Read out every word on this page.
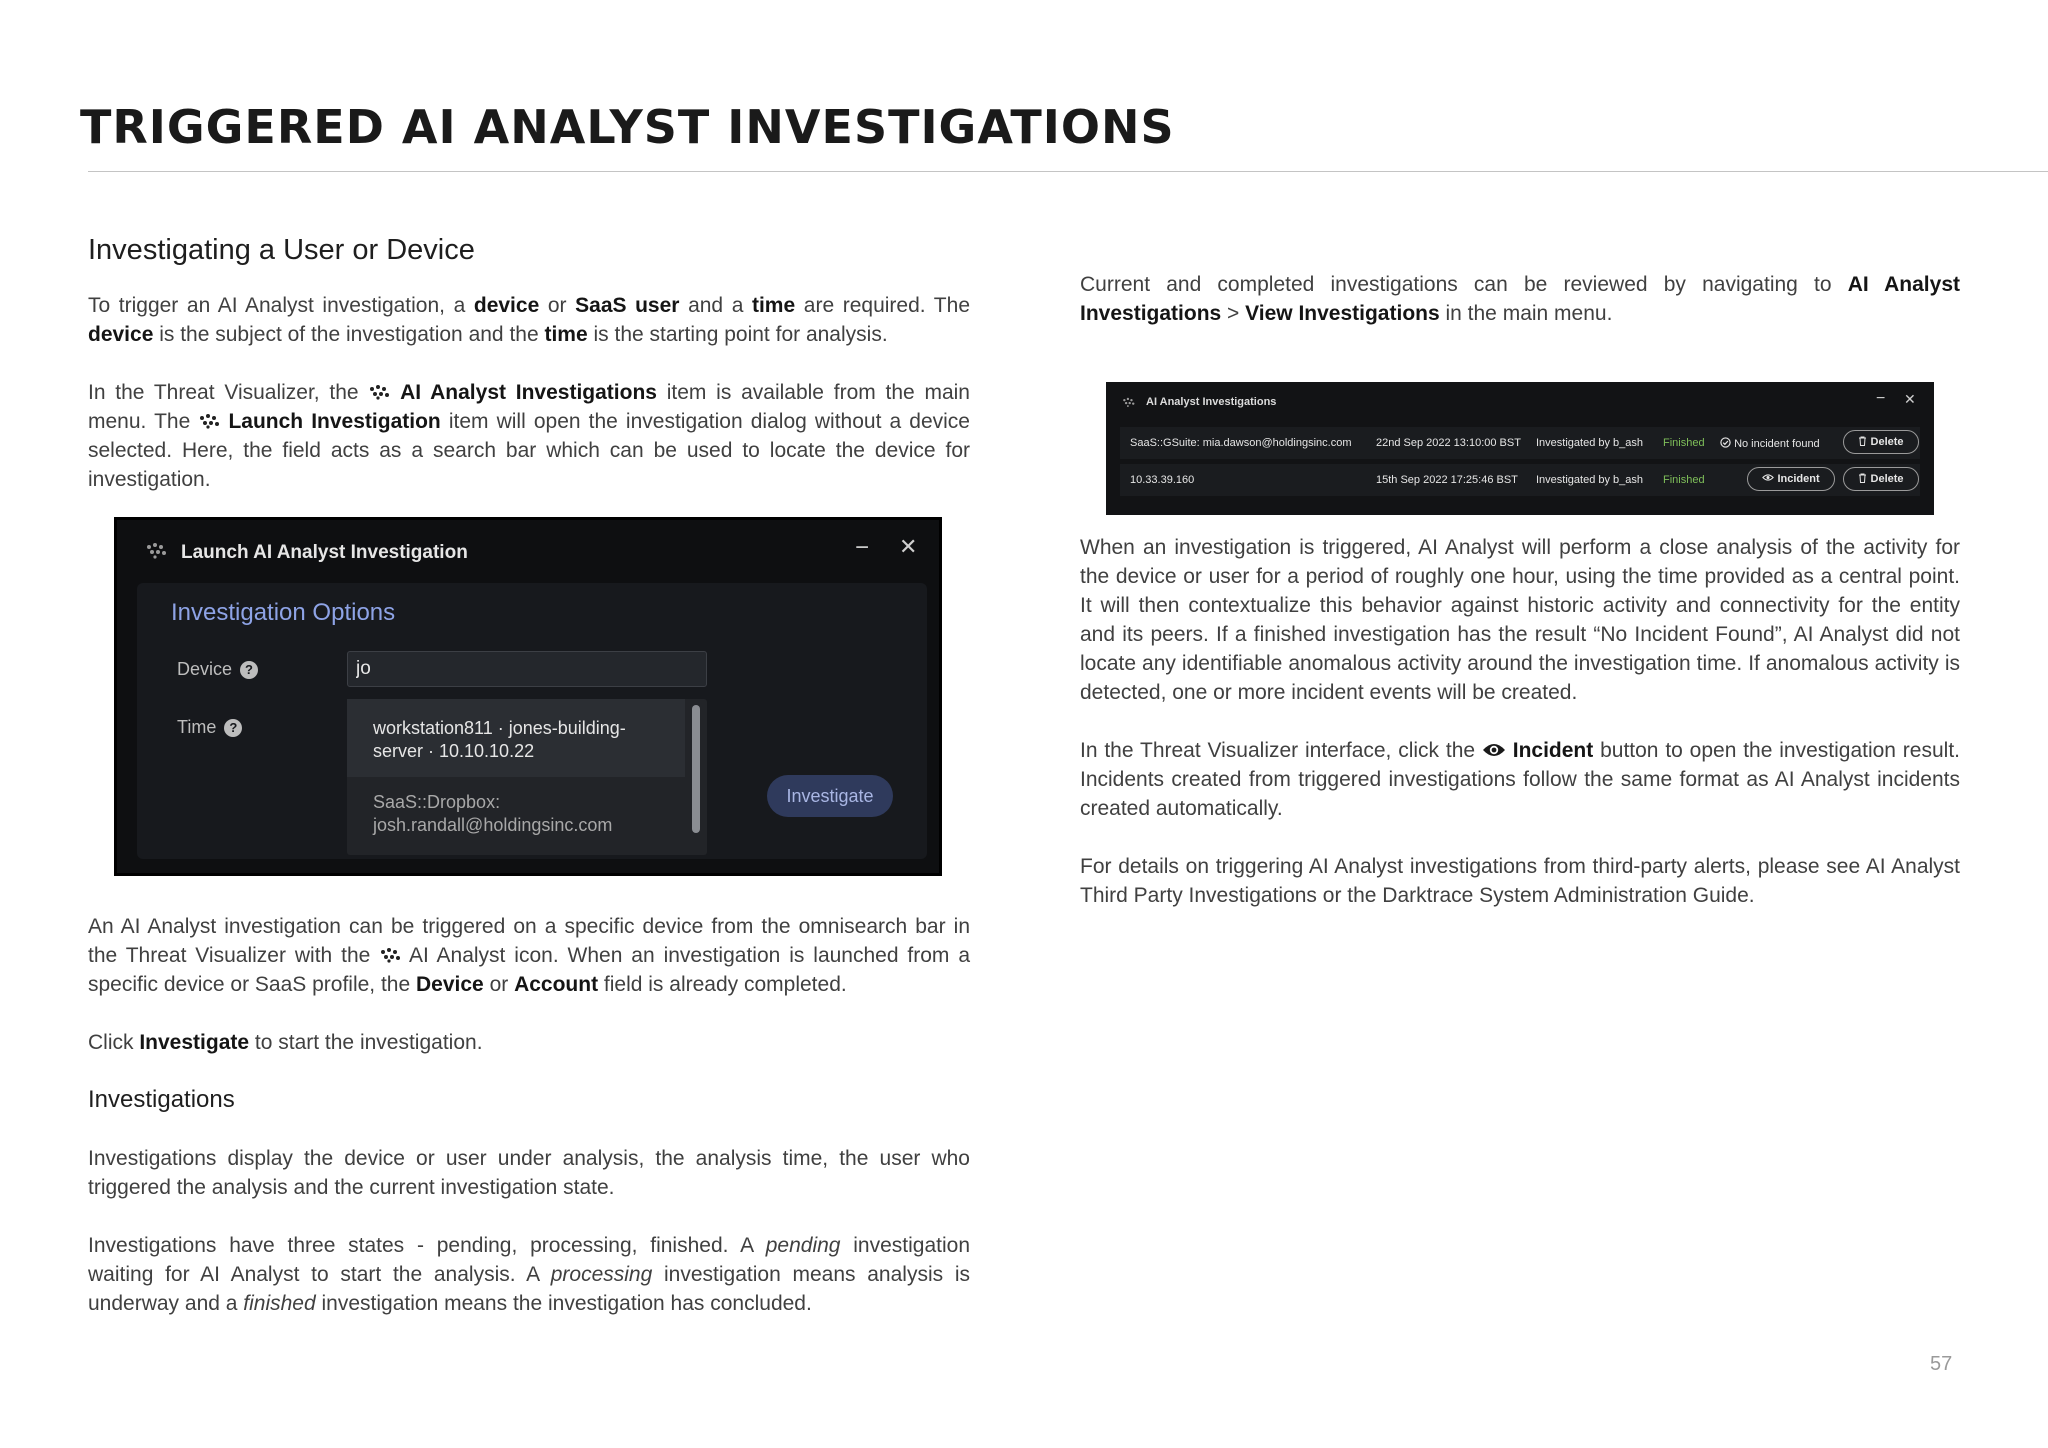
TRIGGERED AI ANALYST INVESTIGATIONS
Investigating a User or Device

To trigger an AI Analyst investigation, a device or SaaS user and a time are required. The device is the subject of the investigation and the time is the starting point for analysis.

In the Threat Visualizer, the  AI Analyst Investigations item is available from the main menu. The  Launch Investigation item will open the investigation dialog without a device selected. Here, the field acts as a search bar which can be used to locate the device for investigation.

Launch AI Analyst Investigation	− ✕
Investigation Options
Device ?
Time ?
jo	workstation811 · jones-building-
server · 10.10.10.22
SaaS::Dropbox:
josh.randall@holdingsinc.com
Investigate

An AI Analyst investigation can be triggered on a specific device from the omnisearch bar in the Threat Visualizer with the  AI Analyst icon. When an investigation is launched from a specific device or SaaS profile, the Device or Account field is already completed.

Click Investigate to start the investigation.

Investigations

Investigations display the device or user under analysis, the analysis time, the user who triggered the analysis and the current investigation state.

Investigations have three states - pending, processing, finished. A pending investigation waiting for AI Analyst to start the analysis. A processing investigation means analysis is underway and a finished investigation means the investigation has concluded.

Current and completed investigations can be reviewed by navigating to AI Analyst Investigations > View Investigations in the main menu.

AI Analyst Investigations	− ✕
SaaS::GSuite: mia.dawson@holdingsinc.com 22nd Sep 2022 13:10:00 BST Investigated by b_ash Finished	No incident found	Delete
10.33.39.160	15th Sep 2022 17:25:46 BST Investigated by b_ash Finished	Incident	Delete

When an investigation is triggered, AI Analyst will perform a close analysis of the activity for the device or user for a period of roughly one hour, using the time provided as a central point. It will then contextualize this behavior against historic activity and connectivity for the entity and its peers. If a finished investigation has the result “No Incident Found”, AI Analyst did not locate any identifiable anomalous activity around the investigation time. If anomalous activity is detected, one or more incident events will be created.

In the Threat Visualizer interface, click the  Incident button to open the investigation result. Incidents created from triggered investigations follow the same format as AI Analyst incidents created automatically.

For details on triggering AI Analyst investigations from third-party alerts, please see AI Analyst Third Party Investigations or the Darktrace System Administration Guide.

57
